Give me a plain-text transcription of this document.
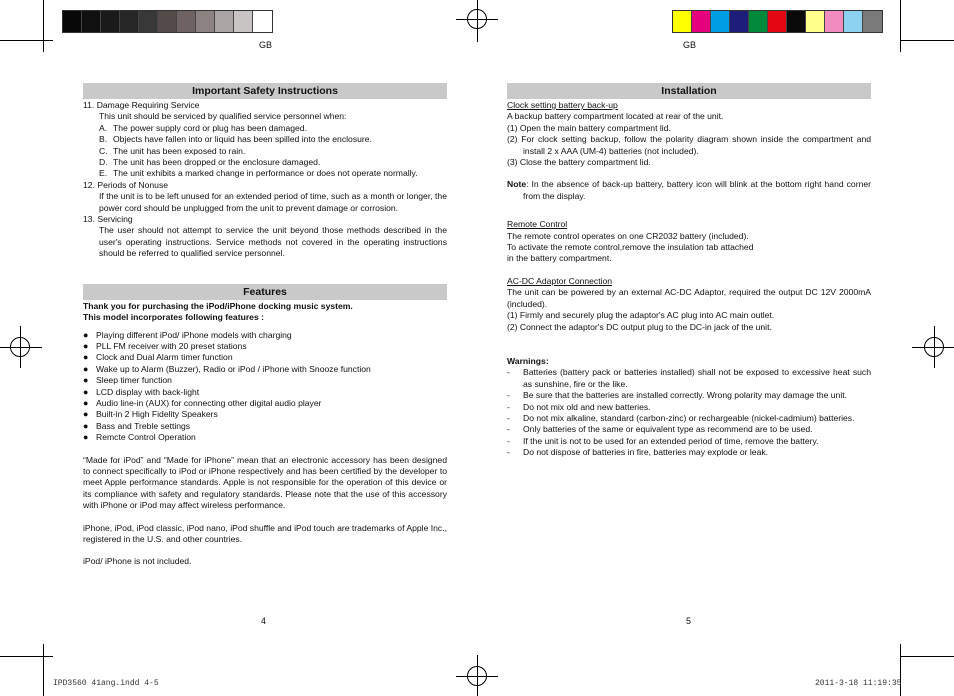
GB	GB
Important Safety Instructions

11. Damage Requiring Service

This unit should be serviced by qualified service personnel when:

A. The power supply cord or plug has been damaged.
B. Objects have fallen into or liquid has been spilled into the enclosure.
C. The unit has been exposed to rain.
D. The unit has been dropped or the enclosure damaged.
E. The unit exhibits a marked change in performance or does not operate normally.

12. Periods of Nonuse

If the unit is to be left unused for an extended period of time, such as a month or longer, the power cord should be unplugged from the unit to prevent damage or corrosion.

13. Servicing

The user should not attempt to service the unit beyond those methods described in the user's operating instructions. Service methods not covered in the operating instructions should be referred to qualified service personnel.

Features

Thank you for purchasing the iPod/iPhone docking music system.

This model incorporates following features :

● Playing different iPod/ iPhone models with charging
● PLL FM receiver with 20 preset stations
● Clock and Dual Alarm timer function
● Wake up to Alarm (Buzzer), Radio or iPod / iPhone with Snooze function
● Sleep timer function
● LCD display with back-light
● Audio line-in (AUX) for connecting other digital audio player
● Built-in 2 High Fidelity Speakers
● Bass and Treble settings
● Remcte Control Operation

“Made for iPod” and “Made for iPhone” mean that an electronic accessory has been designed to connect specifically to iPod or iPhone respectively and has been certified by the developer to meet Apple performance standards. Apple is not responsible for the operation of this device or its compliance with safety and regulatory standards. Please note that the use of this accessory with iPhone or iPod may affect wireless performance.

iPhone, iPod, iPod classic, iPod nano, iPod shuffle and iPod touch are trademarks of Apple Inc., registered in the U.S. and other countries.

iPod/ iPhone is not included.

4
Installation

Clock setting battery back-up

A backup battery compartment located at rear of the unit.

(1) Open the main battery compartment lid.

(2) For clock setting backup, follow the polarity diagram shown inside the compartment and install 2 x AAA (UM-4) batteries (not included).

(3) Close the battery compartment lid.

Note: In the absence of back-up battery, battery icon will blink at the bottom right hand corner from the display.

Remote Control

The remote control operates on one CR2032 battery (included).

To activate the remote control,remove the insulation tab attached

in the battery compartment.

AC-DC Adaptor Connection

The unit can be powered by an external AC-DC Adaptor, required the output DC 12V 2000mA (included).

(1) Firmly and securely plug the adaptor's AC plug into AC main outlet.

(2) Connect the adaptor's DC output plug to the DC-in jack of the unit.

Warnings:

-	Batteries (battery pack or batteries installed) shall not be exposed to excessive heat such as sunshine, fire or the like.
-	Be sure that the batteries are installed correctly. Wrong polarity may damage the unit.
-	Do not mix old and new batteries.
-	Do not mix alkaline, standard (carbon-zinc) or rechargeable (nickel-cadmium) batteries.
-	Only batteries of the same or equivalent type as recommend are to be used.
-	If the unit is not to be used for an extended period of time, remove the battery.
-	Do not dispose of batteries in fire, batteries may explode or leak.
5
IPD3560 41ang.indd 4-5	2011-3-18 11:19:35
